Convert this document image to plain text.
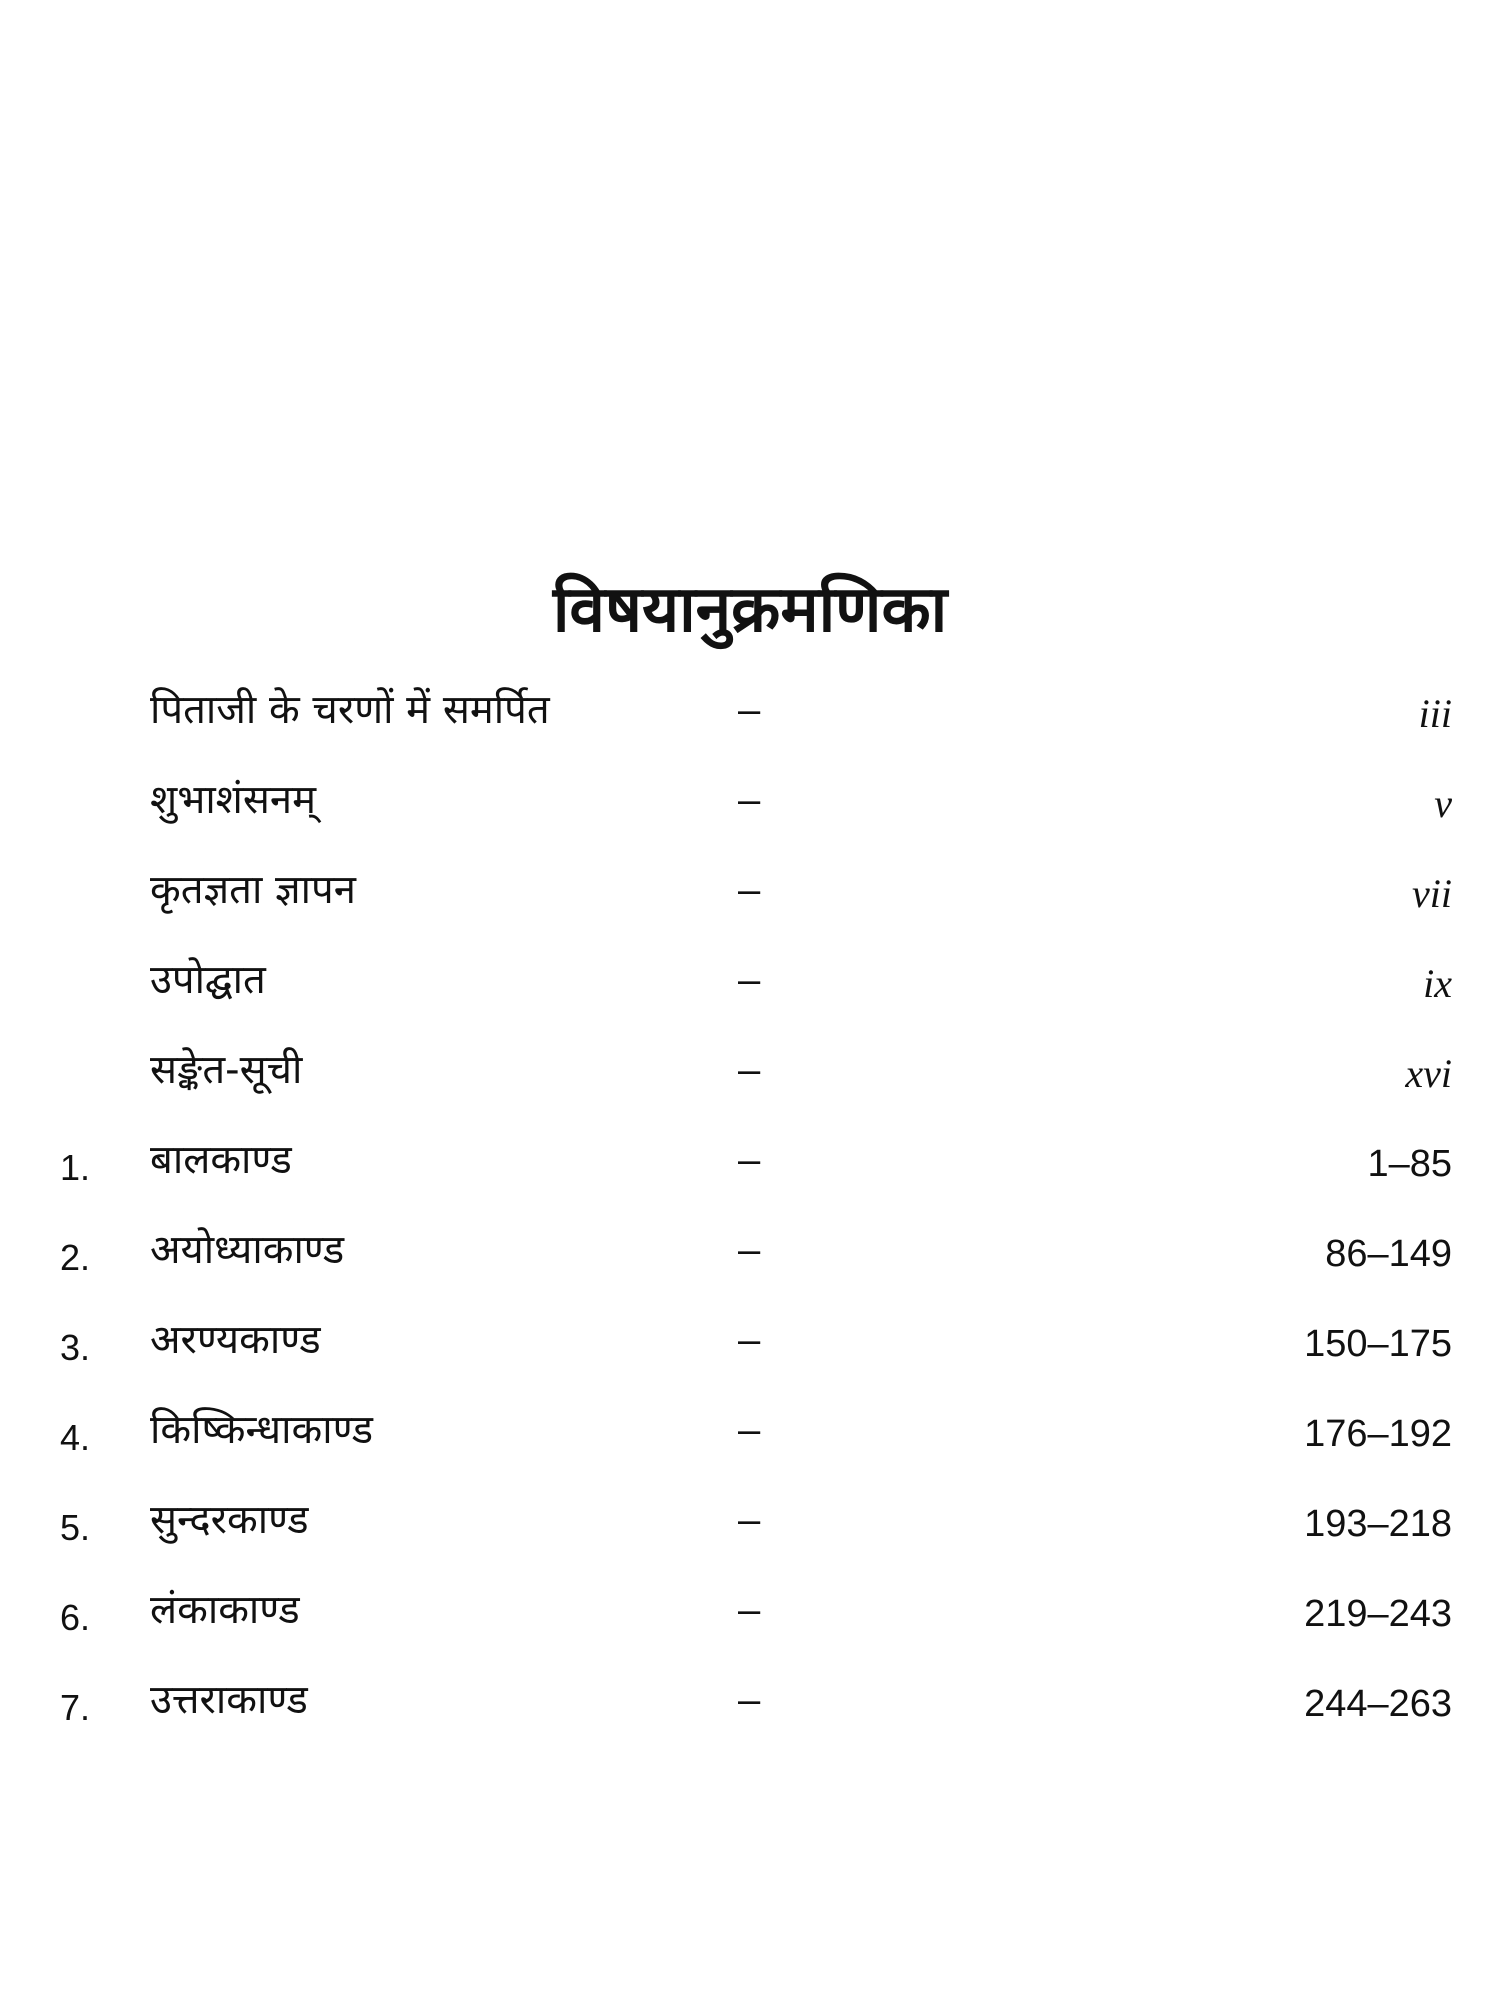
विषयानुक्रमणिका
पिताजी के चरणों में समर्पित	–	iii
शुभाशंसनम्	–	v
कृतज्ञता ज्ञापन	–	vii
उपोद्घात	–	ix
सङ्केत-सूची	–	xvi
1. बालकाण्ड	–	1–85
2. अयोध्याकाण्ड	–	86–149
3. अरण्यकाण्ड	–	150–175
4. किष्किन्धाकाण्ड	–	176–192
5. सुन्दरकाण्ड	–	193–218
6. लंकाकाण्ड	–	219–243
7. उत्तराकाण्ड	–	244–263
